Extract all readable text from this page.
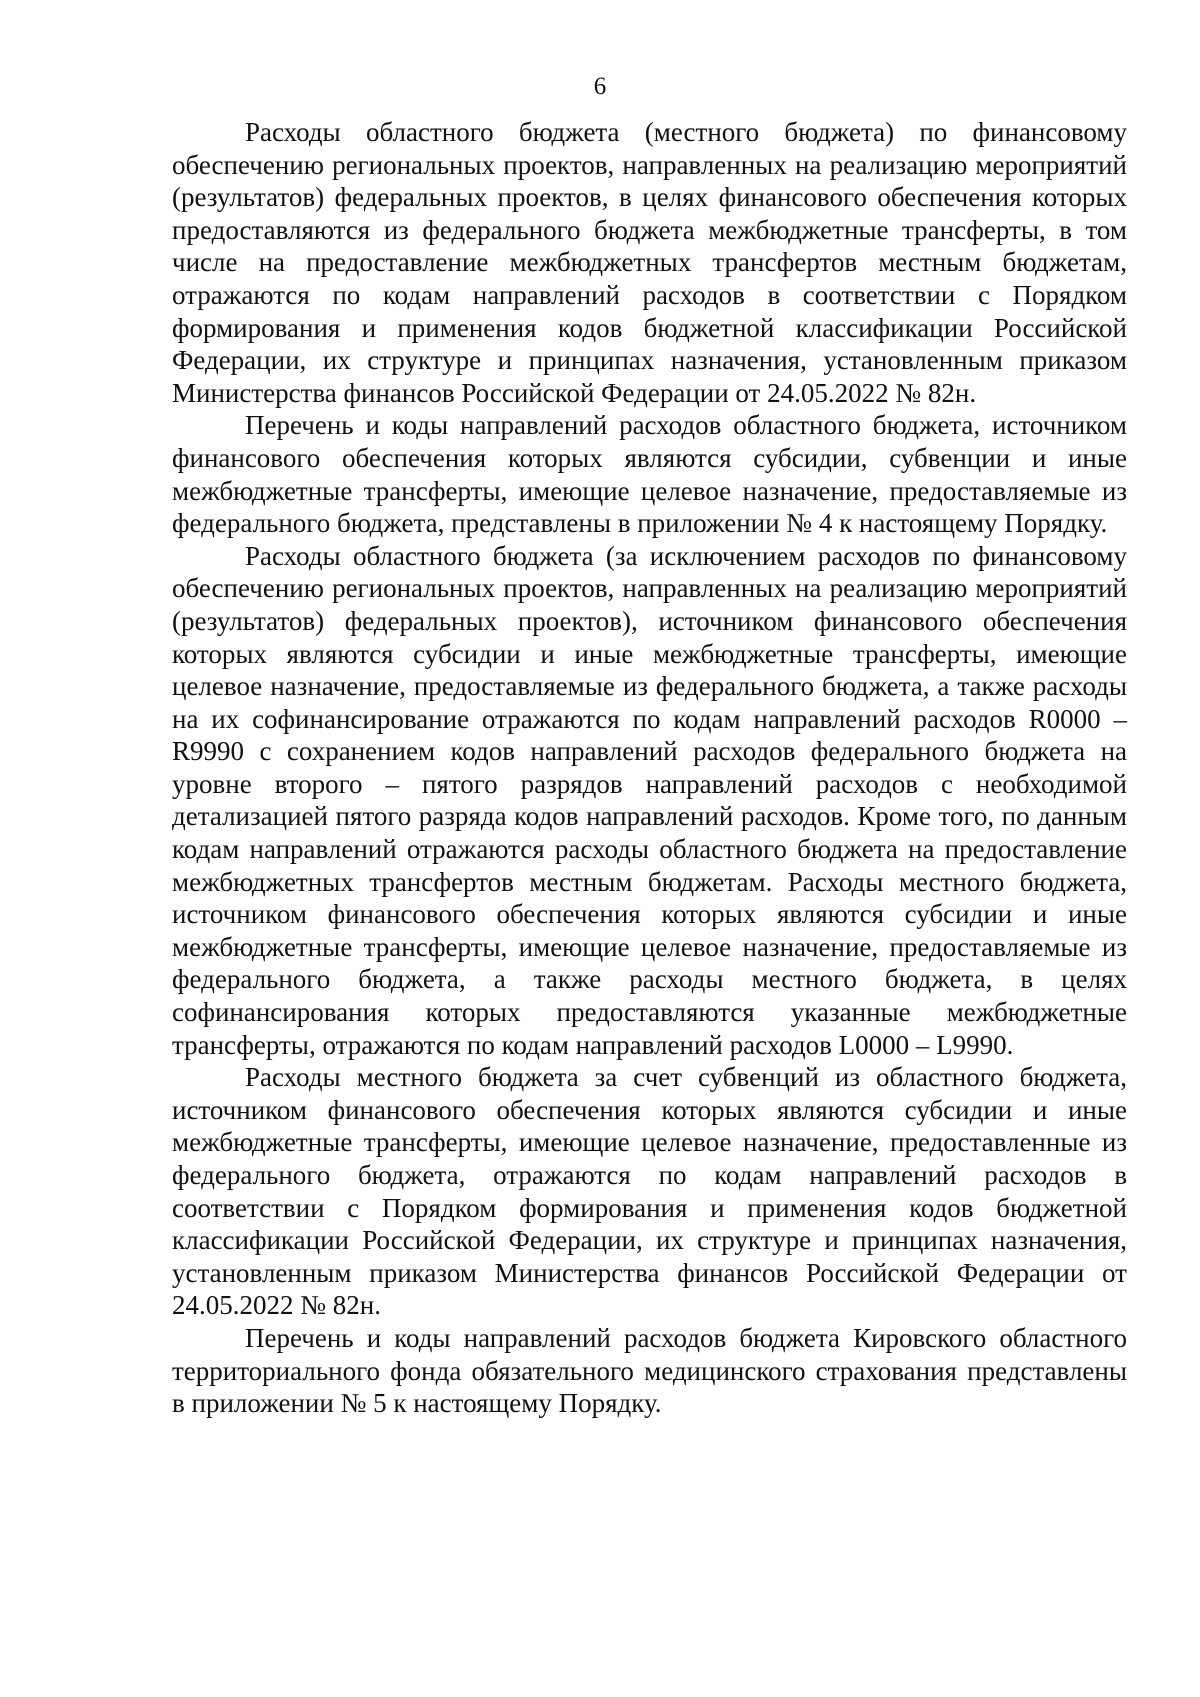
6

Расходы областного бюджета (местного бюджета) по финансовому обеспечению региональных проектов, направленных на реализацию мероприятий (результатов) федеральных проектов, в целях финансового обеспечения которых предоставляются из федерального бюджета межбюджетные трансферты, в том числе на предоставление межбюджетных трансфертов местным бюджетам, отражаются по кодам направлений расходов в соответствии с Порядком формирования и применения кодов бюджетной классификации Российской Федерации, их структуре и принципах назначения, установленным приказом Министерства финансов Российской Федерации от 24.05.2022 № 82н.

Перечень и коды направлений расходов областного бюджета, источником финансового обеспечения которых являются субсидии, субвенции и иные межбюджетные трансферты, имеющие целевое назначение, предоставляемые из федерального бюджета, представлены в приложении № 4 к настоящему Порядку.

Расходы областного бюджета (за исключением расходов по финансовому обеспечению региональных проектов, направленных на реализацию мероприятий (результатов) федеральных проектов), источником финансового обеспечения которых являются субсидии и иные межбюджетные трансферты, имеющие целевое назначение, предоставляемые из федерального бюджета, а также расходы на их софинансирование отражаются по кодам направлений расходов R0000 – R9990 с сохранением кодов направлений расходов федерального бюджета на уровне второго – пятого разрядов направлений расходов с необходимой детализацией пятого разряда кодов направлений расходов. Кроме того, по данным кодам направлений отражаются расходы областного бюджета на предоставление межбюджетных трансфертов местным бюджетам. Расходы местного бюджета, источником финансового обеспечения которых являются субсидии и иные межбюджетные трансферты, имеющие целевое назначение, предоставляемые из федерального бюджета, а также расходы местного бюджета, в целях софинансирования которых предоставляются указанные межбюджетные трансферты, отражаются по кодам направлений расходов L0000 – L9990.

Расходы местного бюджета за счет субвенций из областного бюджета, источником финансового обеспечения которых являются субсидии и иные межбюджетные трансферты, имеющие целевое назначение, предоставленные из федерального бюджета, отражаются по кодам направлений расходов в соответствии с Порядком формирования и применения кодов бюджетной классификации Российской Федерации, их структуре и принципах назначения, установленным приказом Министерства финансов Российской Федерации от 24.05.2022 № 82н.

Перечень и коды направлений расходов бюджета Кировского областного территориального фонда обязательного медицинского страхования представлены в приложении № 5 к настоящему Порядку.
